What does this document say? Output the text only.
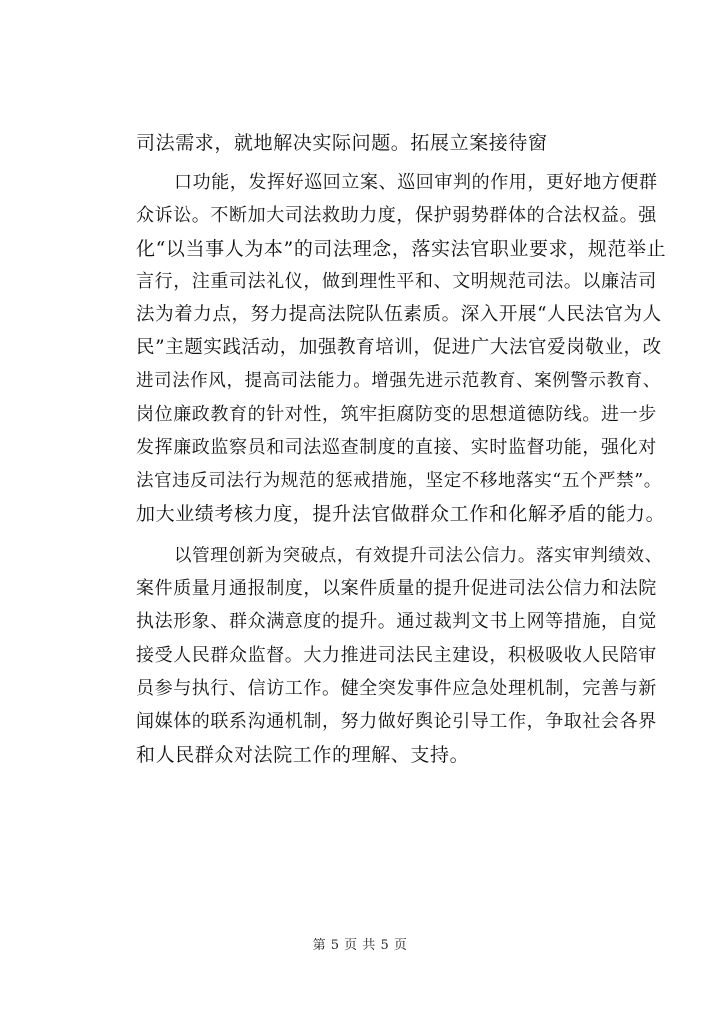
司法需求，就地解决实际问题。拓展立案接待窗
口功能，发挥好巡回立案、巡回审判的作用，更好地方便群
众诉讼。不断加大司法救助力度，保护弱势群体的合法权益。强
化“以当事人为本”的司法理念，落实法官职业要求，规范举止
言行，注重司法礼仪，做到理性平和、文明规范司法。以廉洁司
法为着力点，努力提高法院队伍素质。深入开展“人民法官为人
民”主题实践活动，加强教育培训，促进广大法官爱岗敬业，改
进司法作风，提高司法能力。增强先进示范教育、案例警示教育、
岗位廉政教育的针对性，筑牢拒腐防变的思想道德防线。进一步
发挥廉政监察员和司法巡查制度的直接、实时监督功能，强化对
法官违反司法行为规范的惩戒措施，坚定不移地落实“五个严禁”。
加大业绩考核力度，提升法官做群众工作和化解矛盾的能力。
以管理创新为突破点，有效提升司法公信力。落实审判绩效、
案件质量月通报制度，以案件质量的提升促进司法公信力和法院
执法形象、群众满意度的提升。通过裁判文书上网等措施，自觉
接受人民群众监督。大力推进司法民主建设，积极吸收人民陪审
员参与执行、信访工作。健全突发事件应急处理机制，完善与新
闻媒体的联系沟通机制，努力做好舆论引导工作，争取社会各界
和人民群众对法院工作的理解、支持。
第 5 页 共 5 页
